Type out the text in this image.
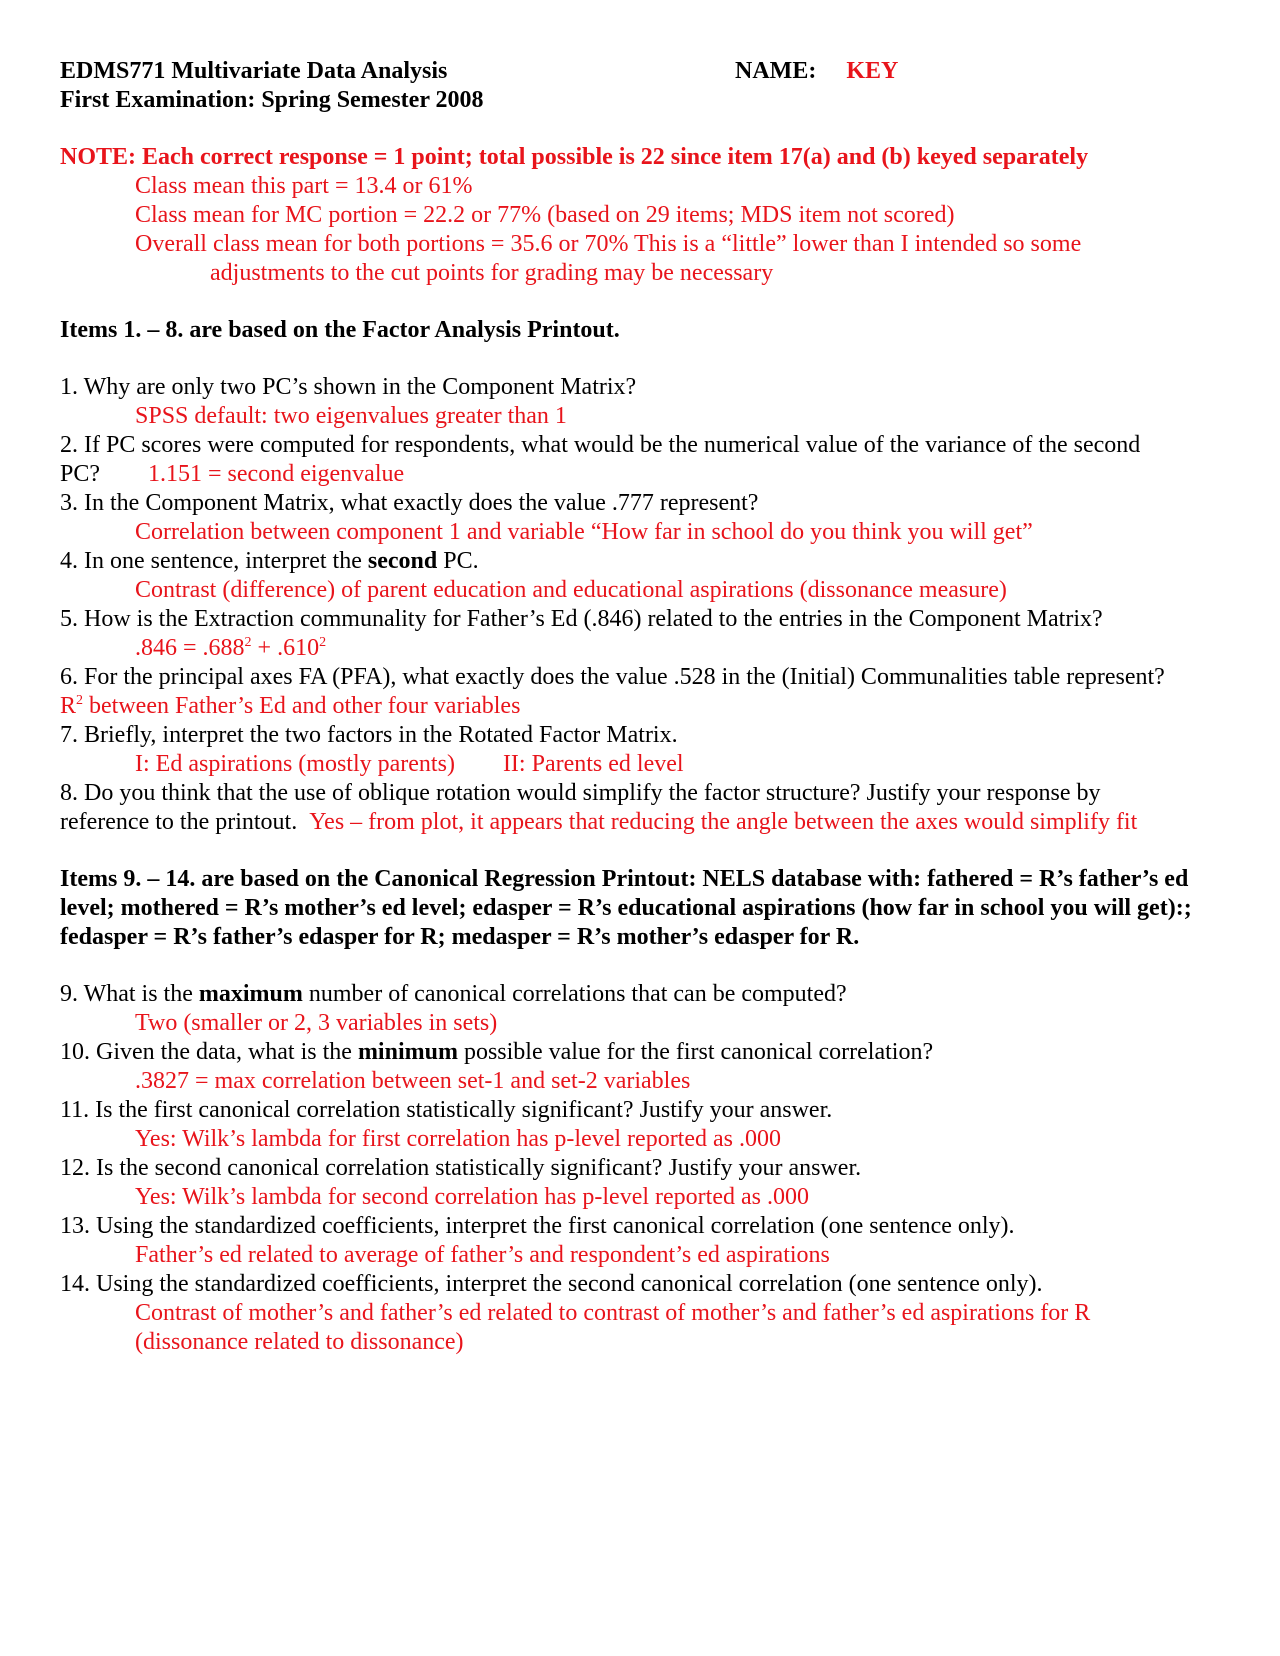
EDMS771 Multivariate Data Analysis	NAME: KEY
First Examination: Spring Semester 2008
NOTE: Each correct response = 1 point; total possible is 22 since item 17(a) and (b) keyed separately
Class mean this part = 13.4 or 61%
Class mean for MC portion = 22.2 or 77% (based on 29 items; MDS item not scored)
Overall class mean for both portions = 35.6 or 70% This is a “little” lower than I intended so some
adjustments to the cut points for grading may be necessary
Items 1. – 8. are based on the Factor Analysis Printout.
1. Why are only two PC’s shown in the Component Matrix?
SPSS default: two eigenvalues greater than 1
2. If PC scores were computed for respondents, what would be the numerical value of the variance of the second
PC? 1.151 = second eigenvalue
3. In the Component Matrix, what exactly does the value .777 represent?
Correlation between component 1 and variable “How far in school do you think you will get”
4. In one sentence, interpret the second PC.
Contrast (difference) of parent education and educational aspirations (dissonance measure)
5. How is the Extraction communality for Father’s Ed (.846) related to the entries in the Component Matrix?
$.846 = .688^2 + .610^2$
6. For the principal axes FA (PFA), what exactly does the value .528 in the (Initial) Communalities table represent?
$R^2$ between Father’s Ed and other four variables
7. Briefly, interpret the two factors in the Rotated Factor Matrix.
I: Ed aspirations (mostly parents) II: Parents ed level
8. Do you think that the use of oblique rotation would simplify the factor structure? Justify your response by
reference to the printout. Yes – from plot, it appears that reducing the angle between the axes would simplify fit
Items 9. – 14. are based on the Canonical Regression Printout: NELS database with: fathered = R’s father’s ed level; mothered = R’s mother’s ed level; edasper = R’s educational aspirations (how far in school you will get):; fedasper = R’s father’s edasper for R; medasper = R’s mother’s edasper for R.
9. What is the maximum number of canonical correlations that can be computed?
Two (smaller or 2, 3 variables in sets)
10. Given the data, what is the minimum possible value for the first canonical correlation?
.3827 = max correlation between set-1 and set-2 variables
11. Is the first canonical correlation statistically significant? Justify your answer.
Yes: Wilk’s lambda for first correlation has p-level reported as .000
12. Is the second canonical correlation statistically significant? Justify your answer.
Yes: Wilk’s lambda for second correlation has p-level reported as .000
13. Using the standardized coefficients, interpret the first canonical correlation (one sentence only).
Father’s ed related to average of father’s and respondent’s ed aspirations
14. Using the standardized coefficients, interpret the second canonical correlation (one sentence only).
Contrast of mother’s and father’s ed related to contrast of mother’s and father’s ed aspirations for R
(dissonance related to dissonance)
